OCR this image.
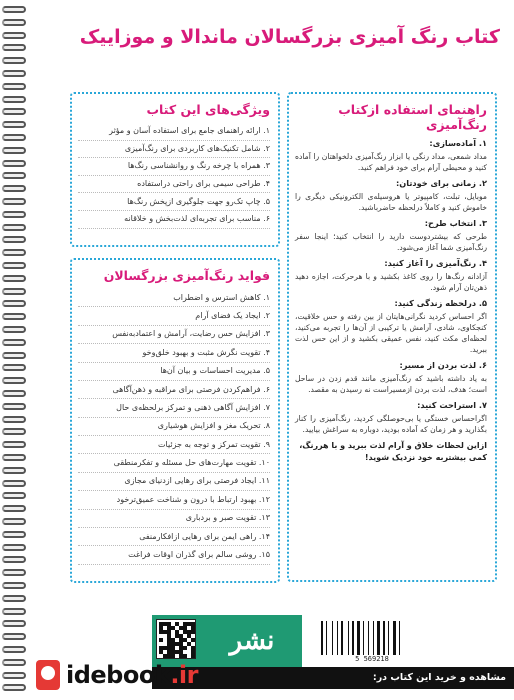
کتاب رنگ آمیزی بزرگسالان ماندالا و موزاییک
راهنمای استفاده ازکتاب رنگ‌آمیزی
۱. آماده‌سازی:

مداد شمعی، مداد رنگی یا ابزار رنگ‌آمیزی دلخواهتان را آماده کنید و محیطی آرام برای خود فراهم کنید.

۲. زمانی برای خودتان:

موبایل، تبلت، کامپیوتر یا هروسیله‌ی الکترونیکی دیگری را خاموش کنید و کاملاً درلحظه حاضرباشید.

۳. انتخاب طرح:

طرحی که بیشتردوست دارید را انتخاب کنید؛ اینجا سفر رنگ‌آمیزی شما آغاز می‌شود.

۴. رنگ‌آمیزی را آغاز کنید:

آزادانه رنگ‌ها را روی کاغذ بکشید و با هرحرکت، اجازه دهید ذهن‌تان آرام شود.

۵. درلحظه زندگی کنید:

اگر احساس کردید نگرانی‌هایتان از بین رفته و حس خلاقیت، کنجکاوی، شادی، آرامش یا ترکیبی از آن‌ها را تجربه می‌کنید، لحظه‌ای مکث کنید، نفس عمیقی بکشید و از این حس لذت ببرید.

۶. لذت بردن از مسیر:

به یاد داشته باشید که رنگ‌آمیزی مانند قدم زدن در ساحل است؛ هدف، لذت بردن ازمسیراست نه رسیدن به مقصد.

۷. استراحت کنید:

اگراحساس خستگی یا بی‌حوصلگی کردید، رنگ‌آمیزی را کنار بگذارید و هر زمان که آماده بودید، دوباره به سراغش بیایید.

ازاین لحظات خلاق و آرام لذت ببرید و با هررنگ، کمی بیشتربه خود نزدیک شوید!
ویژگی‌های این کتاب
۱. ارائه راهنمای جامع برای استفاده آسان و مؤثر
۲. شامل تکنیک‌های کاربردی برای رنگ‌آمیزی
۳. همراه با چرخه رنگ و روانشناسی رنگ‌ها
۴. طراحی سیمی برای راحتی دراستفاده
۵. چاپ تک‌رو جهت جلوگیری ازپخش رنگ‌ها
۶. مناسب برای تجربه‌ای لذت‌بخش و خلاقانه
فواید رنگ‌آمیزی بزرگسالان
۱. کاهش استرس و اضطراب
۲. ایجاد یک فضای آرام
۳. افزایش حس رضایت، آرامش و اعتمادبه‌نفس
۴. تقویت نگرش مثبت و بهبود خلق‌وخو
۵. مدیریت احساسات و بیان آن‌ها
۶. فراهم‌کردن فرصتی برای مراقبه و ذهن‌آگاهی
۷. افزایش آگاهی ذهنی و تمرکز برلحظه‌ی حال
۸. تحریک مغز و افزایش هوشیاری
۹. تقویت تمرکز و توجه به جزئیات
۱۰. تقویت مهارت‌های حل مسئله و تفکرمنطقی
۱۱. ایجاد فرصتی برای رهایی ازدنیای مجازی
۱۲. بهبود ارتباط با درون و شناخت عمیق‌ترخود
۱۳. تقویت صبر و بردباری
۱۴. راهی ایمن برای رهایی ازافکارمنفی
۱۵. روشی سالم برای گذران اوقات فراغت
نشر
5 569218
مشاهده و خرید این کتاب در:
idebook.ir
